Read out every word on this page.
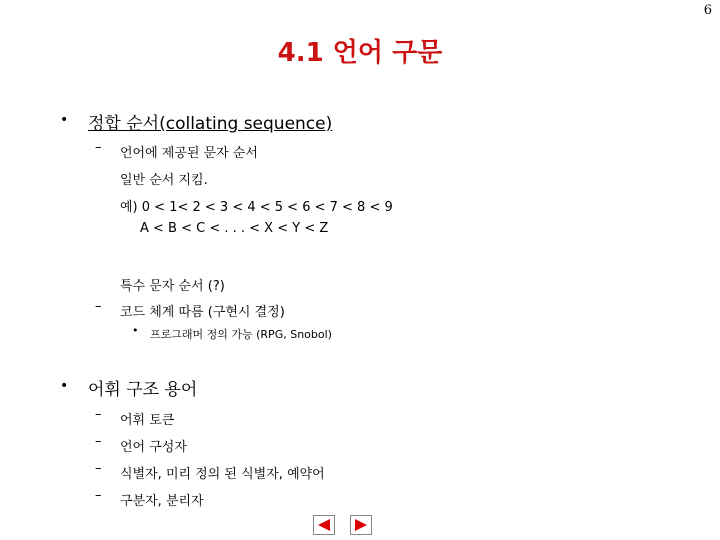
6
4.1 언어 구문
• 정합 순서(collating sequence)
– 언어에 제공된 문자 순서
일반 순서 지킴.
예) 0 < 1< 2 < 3 < 4 < 5 < 6 < 7 < 8 < 9
A < B < C < . . . < X < Y < Z
특수 문자 순서 (?)
– 코드 체계 따름 (구현시 결정)
• 프로그래머 정의 가능 (RPG, Snobol)
• 어휘 구조 용어
– 어휘 토큰
– 언어 구성자
– 식별자, 미리 정의 된 식별자, 예약어
– 구분자, 분리자
